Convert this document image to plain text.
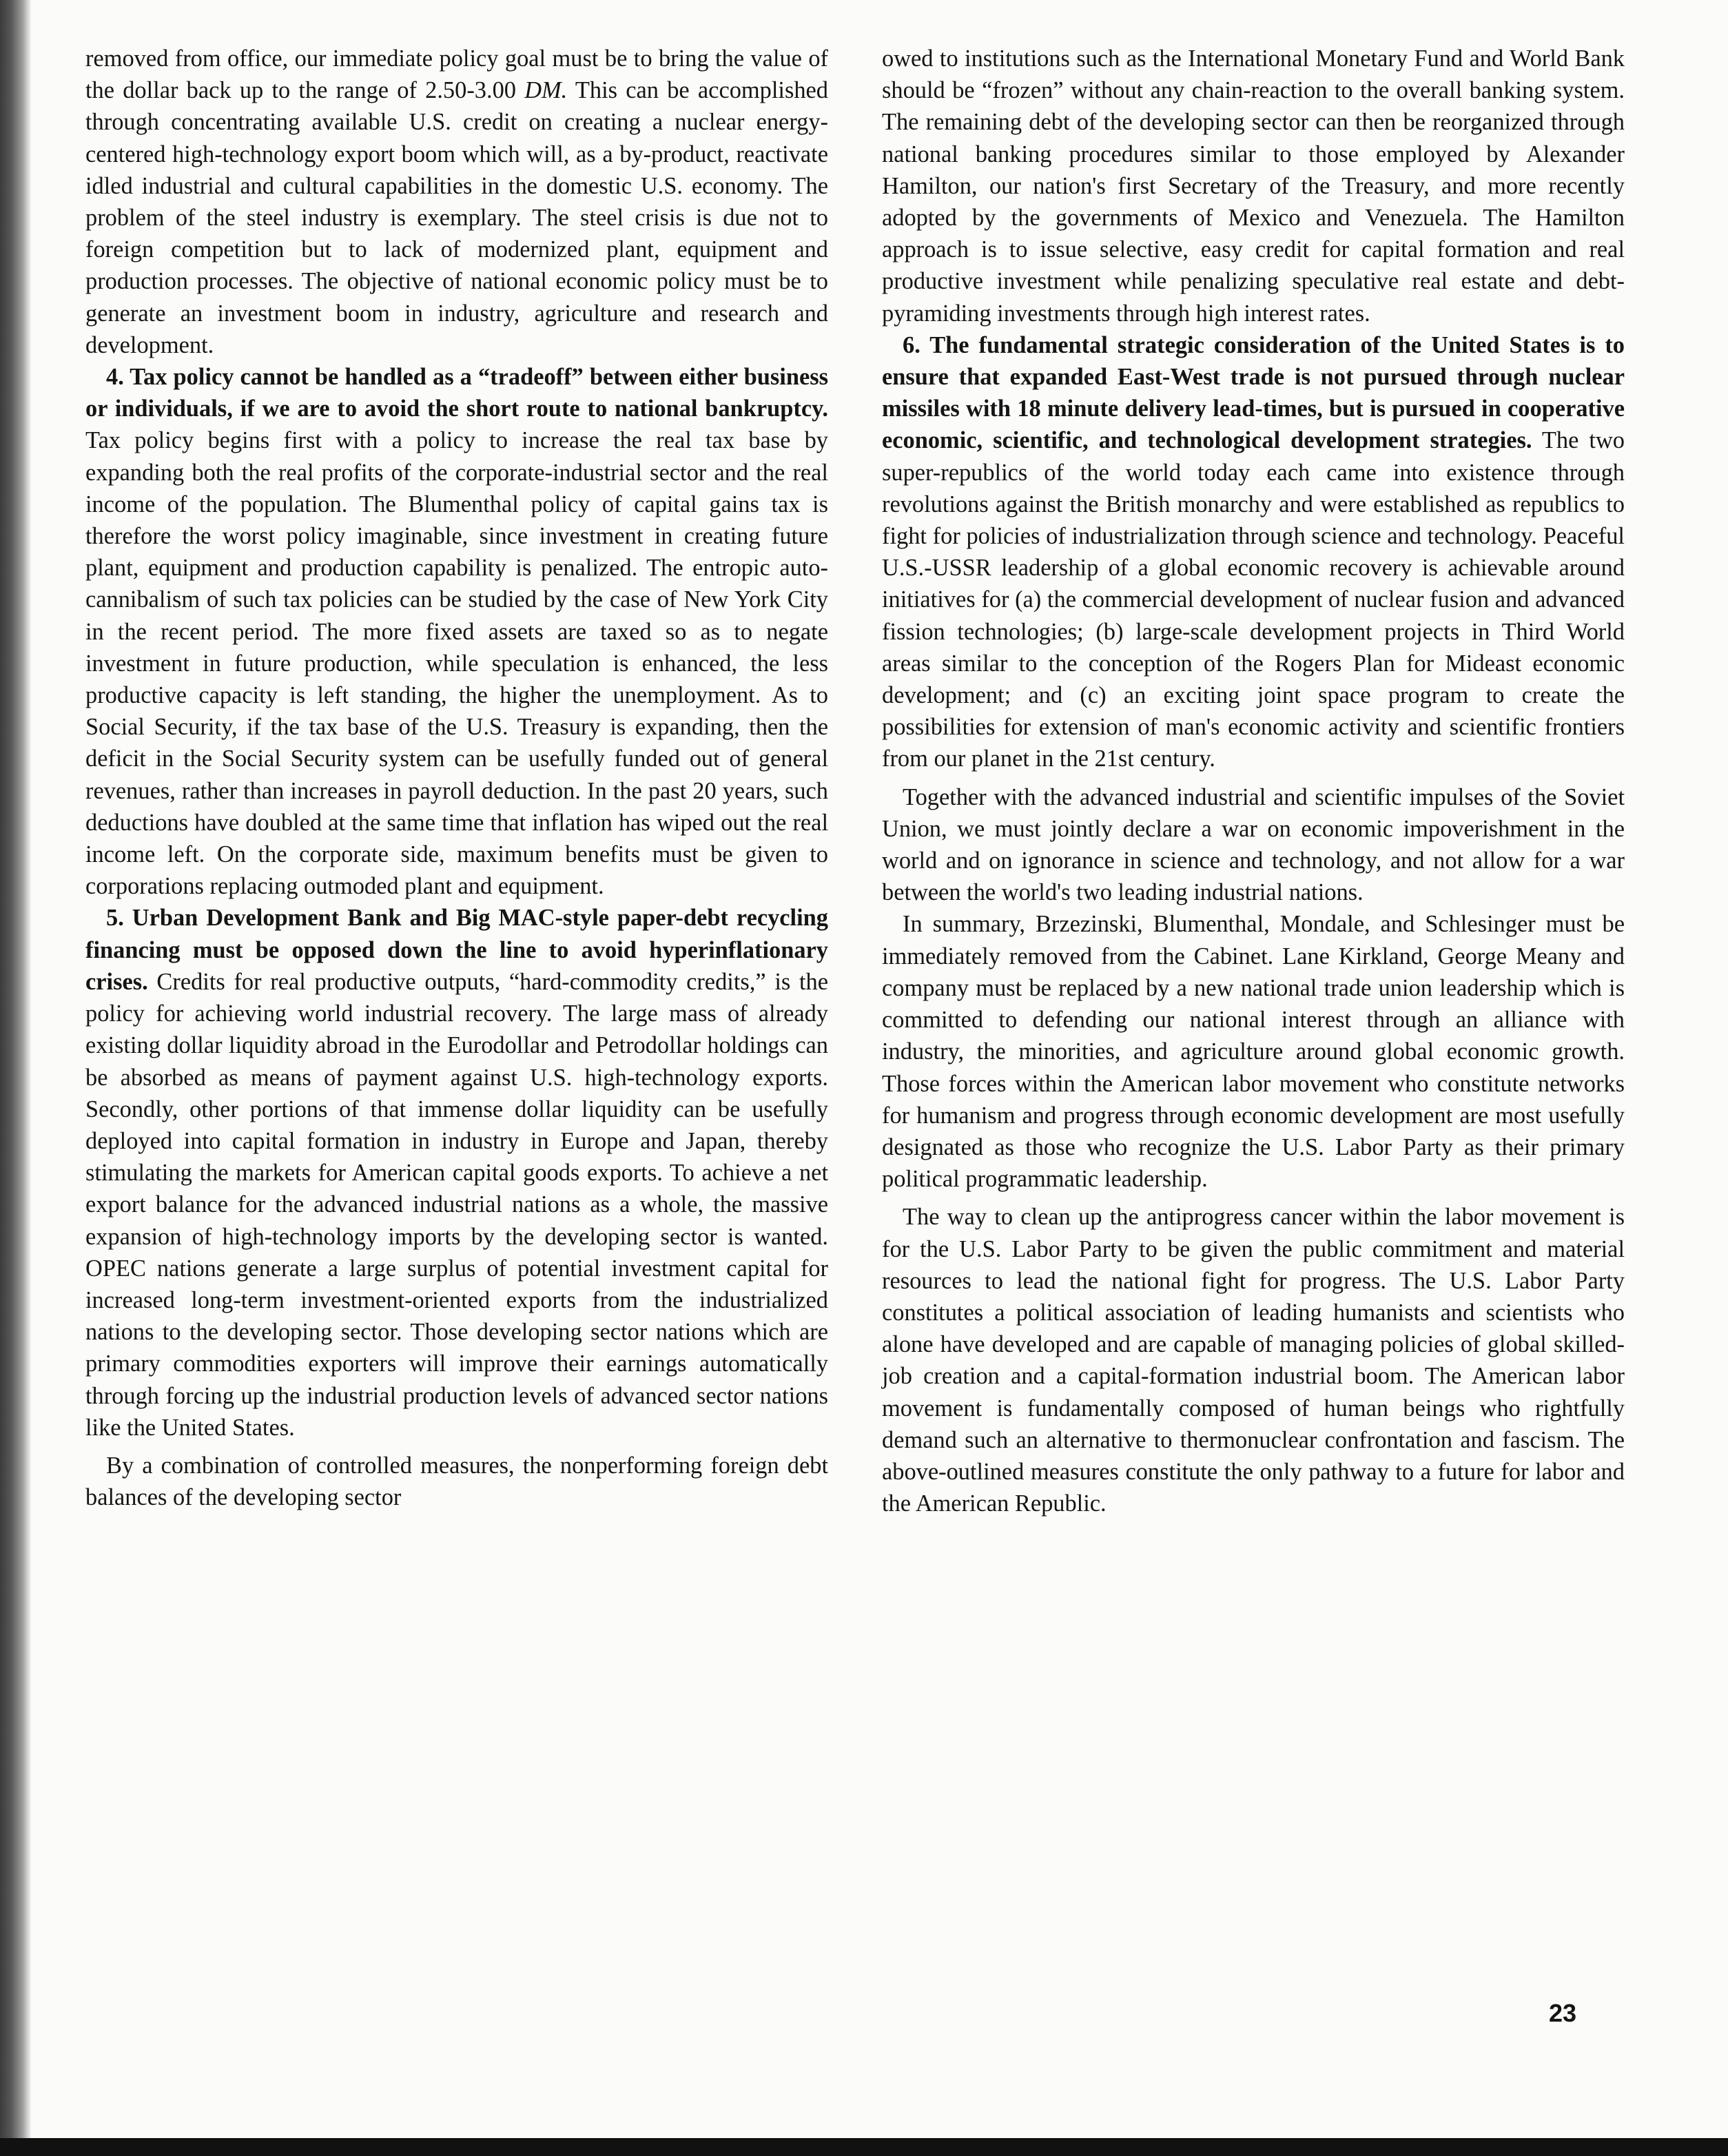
removed from office, our immediate policy goal must be to bring the value of the dollar back up to the range of 2.50-3.00 DM. This can be accomplished through concentrating available U.S. credit on creating a nuclear energy-centered high-technology export boom which will, as a by-product, reactivate idled industrial and cultural capabilities in the domestic U.S. economy. The problem of the steel industry is exemplary. The steel crisis is due not to foreign competition but to lack of modernized plant, equipment and production processes. The objective of national economic policy must be to generate an investment boom in industry, agriculture and research and development.

4. Tax policy cannot be handled as a “tradeoff” between either business or individuals, if we are to avoid the short route to national bankruptcy. Tax policy begins first with a policy to increase the real tax base by expanding both the real profits of the corporate-industrial sector and the real income of the population. The Blumenthal policy of capital gains tax is therefore the worst policy imaginable, since investment in creating future plant, equipment and production capability is penalized. The entropic auto-cannibalism of such tax policies can be studied by the case of New York City in the recent period. The more fixed assets are taxed so as to negate investment in future production, while speculation is enhanced, the less productive capacity is left standing, the higher the unemployment. As to Social Security, if the tax base of the U.S. Treasury is expanding, then the deficit in the Social Security system can be usefully funded out of general revenues, rather than increases in payroll deduction. In the past 20 years, such deductions have doubled at the same time that inflation has wiped out the real income left. On the corporate side, maximum benefits must be given to corporations replacing outmoded plant and equipment.

5. Urban Development Bank and Big MAC-style paper-debt recycling financing must be opposed down the line to avoid hyperinflationary crises. Credits for real productive outputs, “hard-commodity credits,” is the policy for achieving world industrial recovery. The large mass of already existing dollar liquidity abroad in the Eurodollar and Petrodollar holdings can be absorbed as means of payment against U.S. high-technology exports. Secondly, other portions of that immense dollar liquidity can be usefully deployed into capital formation in industry in Europe and Japan, thereby stimulating the markets for American capital goods exports. To achieve a net export balance for the advanced industrial nations as a whole, the massive expansion of high-technology imports by the developing sector is wanted. OPEC nations generate a large surplus of potential investment capital for increased long-term investment-oriented exports from the industrialized nations to the developing sector. Those developing sector nations which are primary commodities exporters will improve their earnings automatically through forcing up the industrial production levels of advanced sector nations like the United States.

By a combination of controlled measures, the nonperforming foreign debt balances of the developing sector

owed to institutions such as the International Monetary Fund and World Bank should be “frozen” without any chain-reaction to the overall banking system. The remaining debt of the developing sector can then be reorganized through national banking procedures similar to those employed by Alexander Hamilton, our nation's first Secretary of the Treasury, and more recently adopted by the governments of Mexico and Venezuela. The Hamilton approach is to issue selective, easy credit for capital formation and real productive investment while penalizing speculative real estate and debt-pyramiding investments through high interest rates.

6. The fundamental strategic consideration of the United States is to ensure that expanded East-West trade is not pursued through nuclear missiles with 18 minute delivery lead-times, but is pursued in cooperative economic, scientific, and technological development strategies. The two super-republics of the world today each came into existence through revolutions against the British monarchy and were established as republics to fight for policies of industrialization through science and technology. Peaceful U.S.-USSR leadership of a global economic recovery is achievable around initiatives for (a) the commercial development of nuclear fusion and advanced fission technologies; (b) large-scale development projects in Third World areas similar to the conception of the Rogers Plan for Mideast economic development; and (c) an exciting joint space program to create the possibilities for extension of man's economic activity and scientific frontiers from our planet in the 21st century.

Together with the advanced industrial and scientific impulses of the Soviet Union, we must jointly declare a war on economic impoverishment in the world and on ignorance in science and technology, and not allow for a war between the world's two leading industrial nations.

In summary, Brzezinski, Blumenthal, Mondale, and Schlesinger must be immediately removed from the Cabinet. Lane Kirkland, George Meany and company must be replaced by a new national trade union leadership which is committed to defending our national interest through an alliance with industry, the minorities, and agriculture around global economic growth. Those forces within the American labor movement who constitute networks for humanism and progress through economic development are most usefully designated as those who recognize the U.S. Labor Party as their primary political programmatic leadership.

The way to clean up the antiprogress cancer within the labor movement is for the U.S. Labor Party to be given the public commitment and material resources to lead the national fight for progress. The U.S. Labor Party constitutes a political association of leading humanists and scientists who alone have developed and are capable of managing policies of global skilled-job creation and a capital-formation industrial boom. The American labor movement is fundamentally composed of human beings who rightfully demand such an alternative to thermonuclear confrontation and fascism. The above-outlined measures constitute the only pathway to a future for labor and the American Republic.

23
